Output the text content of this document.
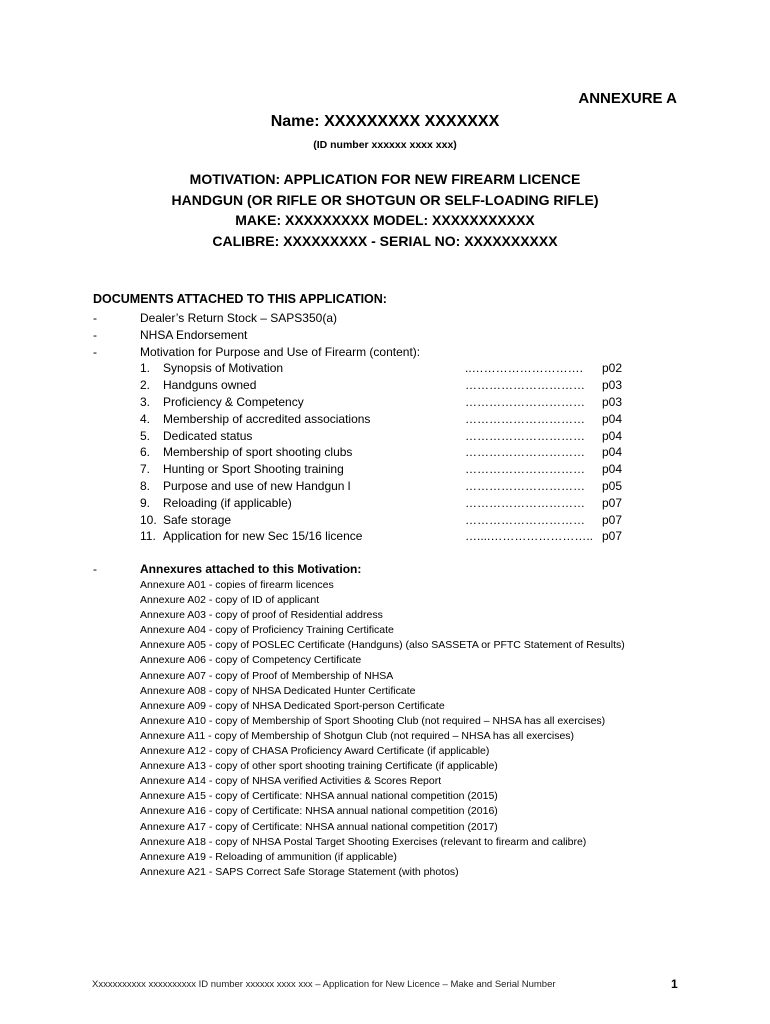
ANNEXURE A
Name: XXXXXXXXX XXXXXXX
(ID number xxxxxx xxxx xxx)
MOTIVATION: APPLICATION FOR NEW FIREARM LICENCE
HANDGUN (OR RIFLE OR SHOTGUN OR SELF-LOADING RIFLE)
MAKE: XXXXXXXXX MODEL: XXXXXXXXXXX
CALIBRE: XXXXXXXXX - SERIAL NO: XXXXXXXXXX
DOCUMENTS ATTACHED TO THIS APPLICATION:
-	Dealer’s Return Stock – SAPS350(a)
-	NHSA Endorsement
-	Motivation for Purpose and Use of Firearm (content):
1. Synopsis of Motivation	..………………………. p02
2. Handguns owned	………………………… p03
3. Proficiency & Competency	………………………… p03
4. Membership of accredited associations	………………………… p04
5. Dedicated status	………………………… p04
6. Membership of sport shooting clubs	………………………… p04
7. Hunting or Sport Shooting training	………………………… p04
8. Purpose and use of new Handgun l	………………………… p05
9. Reloading (if applicable)	………………………… p07
10. Safe storage	………………………… p07
11. Application for new Sec 15/16 licence	…....…………………….. p07
-	Annexures attached to this Motivation:
Annexure A01 - copies of firearm licences
Annexure A02 - copy of ID of applicant
Annexure A03 - copy of proof of Residential address
Annexure A04 - copy of Proficiency Training Certificate
Annexure A05 - copy of POSLEC Certificate (Handguns) (also SASSETA or PFTC Statement of Results)
Annexure A06 - copy of Competency Certificate
Annexure A07 - copy of Proof of Membership of NHSA
Annexure A08 - copy of NHSA Dedicated Hunter Certificate
Annexure A09 - copy of NHSA Dedicated Sport-person Certificate
Annexure A10 - copy of Membership of Sport Shooting Club (not required – NHSA has all exercises)
Annexure A11 - copy of Membership of Shotgun Club (not required – NHSA has all exercises)
Annexure A12 - copy of CHASA Proficiency Award Certificate (if applicable)
Annexure A13 - copy of other sport shooting training Certificate (if applicable)
Annexure A14 - copy of NHSA verified Activities & Scores Report
Annexure A15 - copy of Certificate: NHSA annual national competition (2015)
Annexure A16 - copy of Certificate: NHSA annual national competition (2016)
Annexure A17 - copy of Certificate: NHSA annual national competition (2017)
Annexure A18 - copy of NHSA Postal Target Shooting Exercises (relevant to firearm and calibre)
Annexure A19 - Reloading of ammunition (if applicable)
Annexure A21 - SAPS Correct Safe Storage Statement (with photos)
Xxxxxxxxxxx xxxxxxxxxx ID number xxxxxx xxxx xxx – Application for New Licence – Make and Serial Number	1
